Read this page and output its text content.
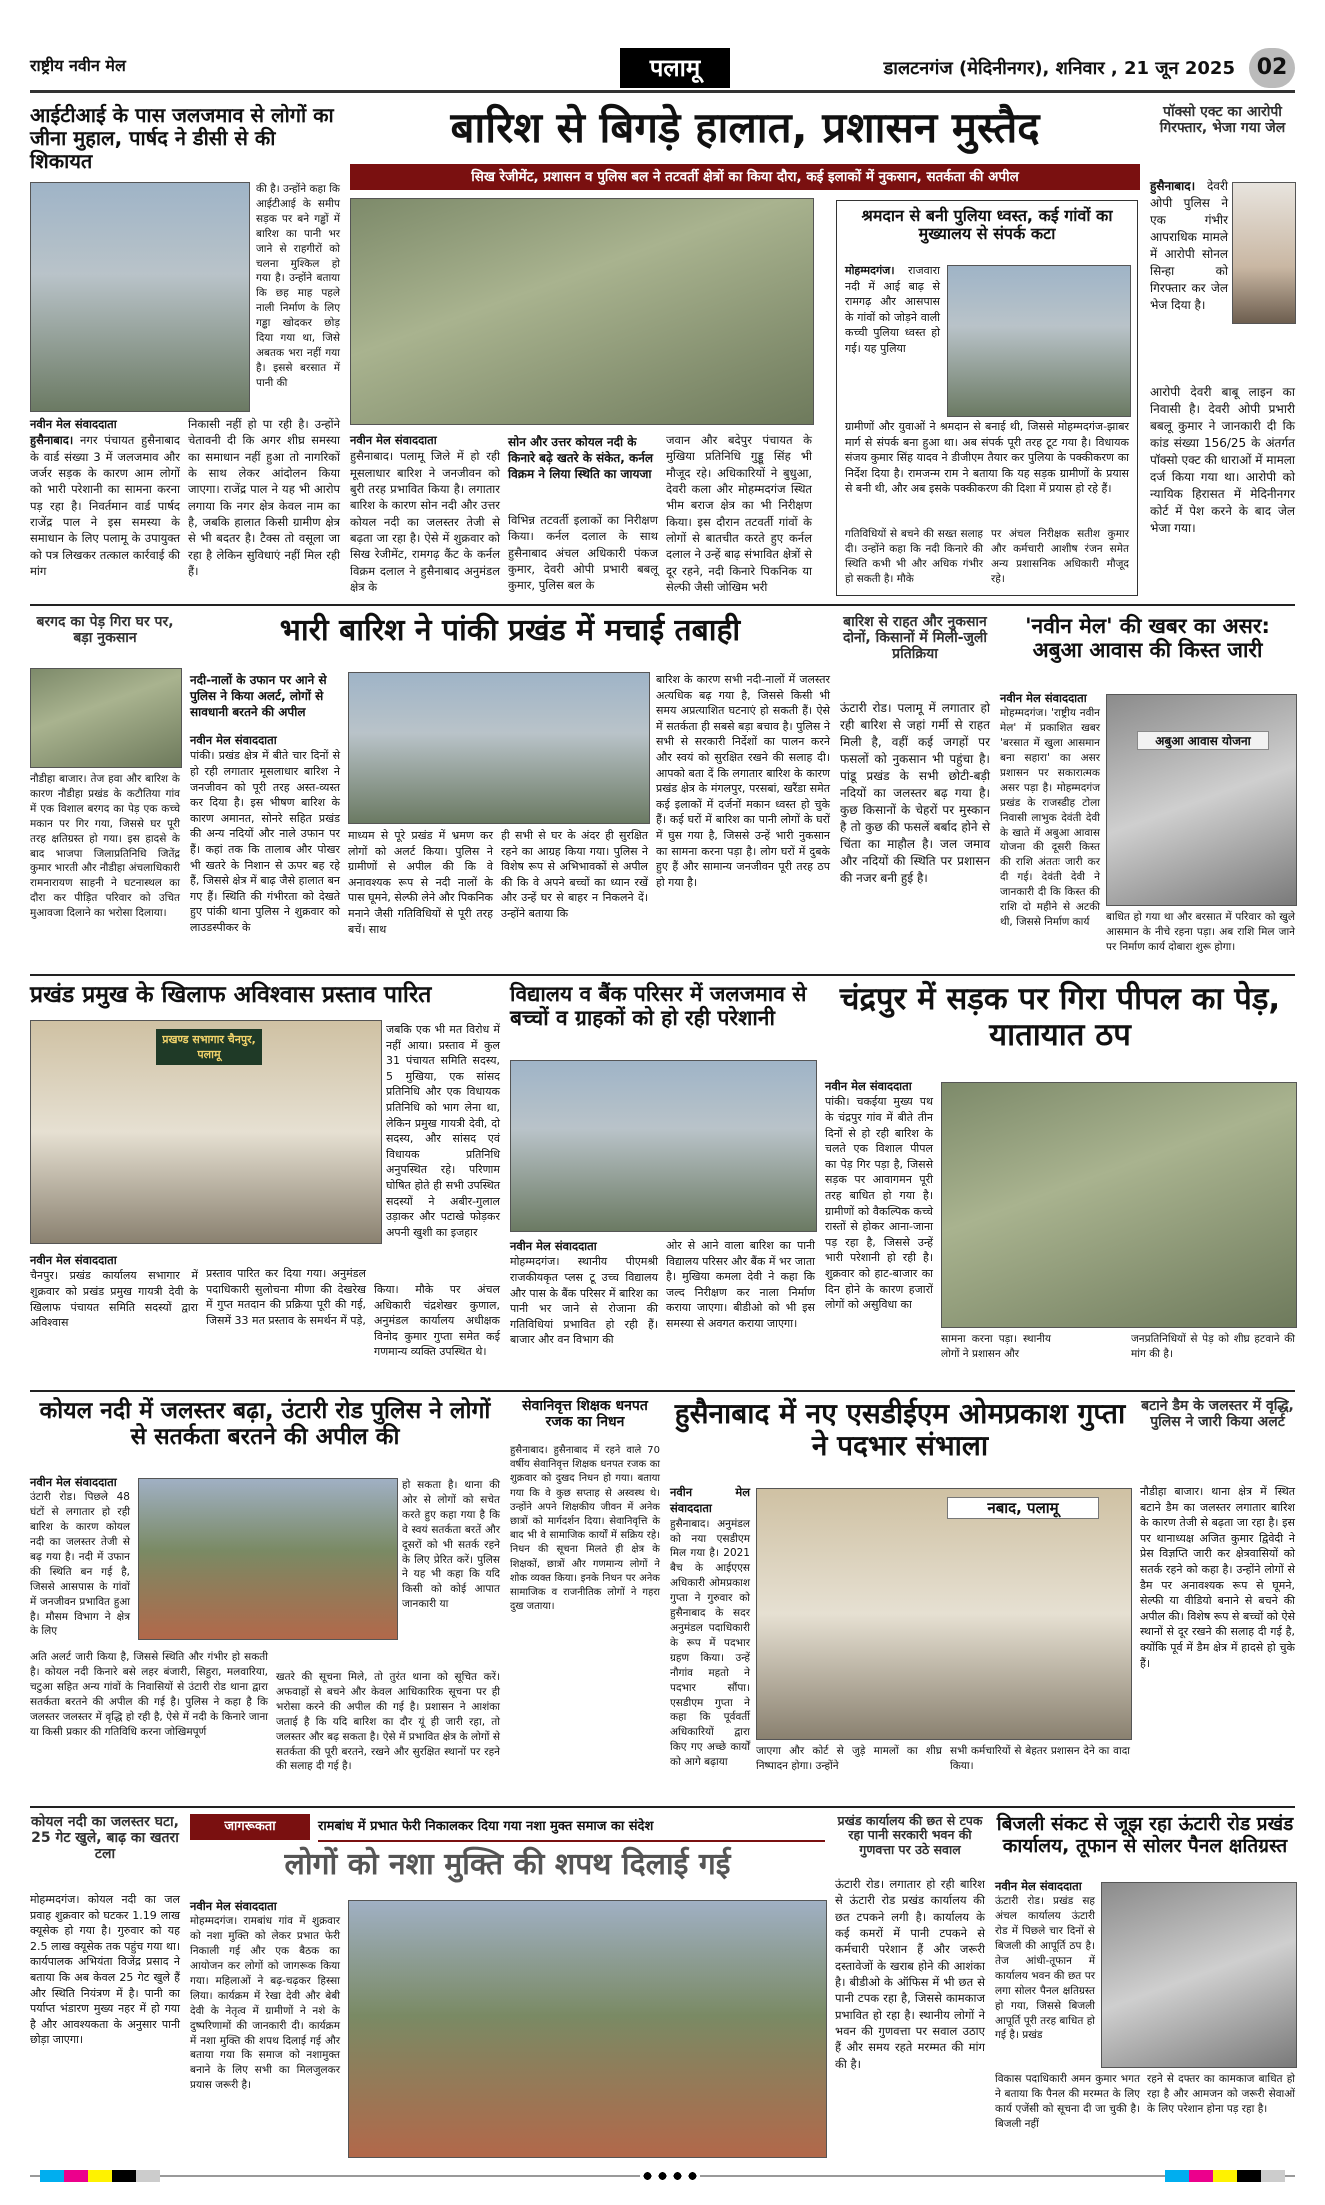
राष्ट्रीय नवीन मेल	पलामू	डालटनगंज (मेदिनीनगर), शनिवार , 21 जून 2025 02
आईटीआई के पास जलजमाव से लोगों का जीना मुहाल, पार्षद ने डीसी से की शिकायत
की है। उन्होंने कहा कि आईटीआई के समीप सड़क पर बने गड्ढों में बारिश का पानी भर जाने से राहगीरों को चलना मुश्किल हो गया है। उन्होंने बताया कि छह माह पहले नाली निर्माण के लिए गड्ढा खोदकर छोड़ दिया गया था, जिसे अबतक भरा नहीं गया है। इससे बरसात में पानी की
नवीन मेल संवाददाता
हुसैनाबाद। नगर पंचायत हुसैनाबाद के वार्ड संख्या 3 में जलजमाव और जर्जर सड़क के कारण आम लोगों को भारी परेशानी का सामना करना पड़ रहा है। निवर्तमान वार्ड पार्षद राजेंद्र पाल ने इस समस्या के समाधान के लिए पलामू के उपायुक्त को पत्र लिखकर तत्काल कार्रवाई की मांग
निकासी नहीं हो पा रही है। उन्होंने चेतावनी दी कि अगर शीघ्र समस्या का समाधान नहीं हुआ तो नागरिकों के साथ लेकर आंदोलन किया जाएगा। राजेंद्र पाल ने यह भी आरोप लगाया कि नगर क्षेत्र केवल नाम का है, जबकि हालात किसी ग्रामीण क्षेत्र से भी बदतर है। टैक्स तो वसूला जा रहा है लेकिन सुविधाएं नहीं मिल रही हैं।
बारिश से बिगड़े हालात, प्रशासन मुस्तैद
सिख रेजीमेंट, प्रशासन व पुलिस बल ने तटवर्ती क्षेत्रों का किया दौरा, कई इलाकों में नुकसान, सतर्कता की अपील
नवीन मेल संवाददाता
हुसैनाबाद। पलामू जिले में हो रही मूसलाधार बारिश ने जनजीवन को बुरी तरह प्रभावित किया है। लगातार बारिश के कारण सोन नदी और उत्तर कोयल नदी का जलस्तर तेजी से बढ़ता जा रहा है। ऐसे में शुक्रवार को सिख रेजीमेंट, रामगढ़ कैंट के कर्नल विक्रम दलाल ने हुसैनाबाद अनुमंडल क्षेत्र के
सोन और उत्तर कोयल नदी के किनारे बढ़े खतरे के संकेत, कर्नल विक्रम ने लिया स्थिति का जायजा
विभिन्न तटवर्ती इलाकों का निरीक्षण किया। कर्नल दलाल के साथ हुसैनाबाद अंचल अधिकारी पंकज कुमार, देवरी ओपी प्रभारी बबलू कुमार, पुलिस बल के
जवान और बदेपुर पंचायत के मुखिया प्रतिनिधि गुड्डू सिंह भी मौजूद रहे। अधिकारियों ने बुधुआ, देवरी कला और मोहम्मदगंज स्थित भीम बराज क्षेत्र का भी निरीक्षण किया। इस दौरान तटवर्ती गांवों के लोगों से बातचीत करते हुए कर्नल दलाल ने उन्हें बाढ़ संभावित क्षेत्रों से दूर रहने, नदी किनारे पिकनिक या सेल्फी जैसी जोखिम भरी
श्रमदान से बनी पुलिया ध्वस्त, कई गांवों का मुख्यालय से संपर्क कटा
मोहम्मदगंज। राजवारा नदी में आई बाढ़ से रामगढ़ और आसपास के गांवों को जोड़ने वाली कच्ची पुलिया ध्वस्त हो गई। यह पुलिया
ग्रामीणों और युवाओं ने श्रमदान से बनाई थी, जिससे मोहम्मदगंज-झाबर मार्ग से संपर्क बना हुआ था। अब संपर्क पूरी तरह टूट गया है। विधायक संजय कुमार सिंह यादव ने डीजीएम तैयार कर पुलिया के पक्कीकरण का निर्देश दिया है। रामजन्म राम ने बताया कि यह सड़क ग्रामीणों के प्रयास से बनी थी, और अब इसके पक्कीकरण की दिशा में प्रयास हो रहे हैं।
गतिविधियों से बचने की सख्त सलाह दी। उन्होंने कहा कि नदी किनारे की स्थिति कभी भी और अधिक गंभीर हो सकती है। मौके
पर अंचल निरीक्षक सतीश कुमार और कर्मचारी आशीष रंजन समेत अन्य प्रशासनिक अधिकारी मौजूद रहे।
पॉक्सो एक्ट का आरोपी गिरफ्तार, भेजा गया जेल
हुसैनाबाद। देवरी ओपी पुलिस ने एक गंभीर आपराधिक मामले में आरोपी सोनल सिन्हा को गिरफ्तार कर जेल भेज दिया है।
आरोपी देवरी बाबू लाइन का निवासी है। देवरी ओपी प्रभारी बबलू कुमार ने जानकारी दी कि कांड संख्या 156/25 के अंतर्गत पॉक्सो एक्ट की धाराओं में मामला दर्ज किया गया था। आरोपी को न्यायिक हिरासत में मेदिनीनगर कोर्ट में पेश करने के बाद जेल भेजा गया।
बरगद का पेड़ गिरा घर पर, बड़ा नुकसान
नौडीहा बाजार। तेज हवा और बारिश के कारण नौडीहा प्रखंड के कटौतिया गांव में एक विशाल बरगद का पेड़ एक कच्चे मकान पर गिर गया, जिससे घर पूरी तरह क्षतिग्रस्त हो गया। इस हादसे के बाद भाजपा जिलाप्रतिनिधि जितेंद्र कुमार भारती और नौडीहा अंचलाधिकारी रामनारायण साहनी ने घटनास्थल का दौरा कर पीड़ित परिवार को उचित मुआवजा दिलाने का भरोसा दिलाया।
भारी बारिश ने पांकी प्रखंड में मचाई तबाही
नदी-नालों के उफान पर आने से पुलिस ने किया अलर्ट, लोगों से सावधानी बरतने की अपील
नवीन मेल संवाददाता
पांकी। प्रखंड क्षेत्र में बीते चार दिनों से हो रही लगातार मूसलाधार बारिश ने जनजीवन को पूरी तरह अस्त-व्यस्त कर दिया है। इस भीषण बारिश के कारण अमानत, सोनरे सहित प्रखंड की अन्य नदियों और नाले उफान पर हैं। कहां तक कि तालाब और पोखर भी खतरे के निशान से ऊपर बह रहे हैं, जिससे क्षेत्र में बाढ़ जैसे हालात बन गए हैं। स्थिति की गंभीरता को देखते हुए पांकी थाना पुलिस ने शुक्रवार को लाउडस्पीकर के
माध्यम से पूरे प्रखंड में भ्रमण कर लोगों को अलर्ट किया। पुलिस ने ग्रामीणों से अपील की कि वे अनावश्यक रूप से नदी नालों के पास घूमने, सेल्फी लेने और पिकनिक मनाने जैसी गतिविधियों से पूरी तरह बचें। साथ
ही सभी से घर के अंदर ही सुरक्षित रहने का आग्रह किया गया। पुलिस ने विशेष रूप से अभिभावकों से अपील की कि वे अपने बच्चों का ध्यान रखें और उन्हें घर से बाहर न निकलने दें। उन्होंने बताया कि
बारिश के कारण सभी नदी-नालों में जलस्तर अत्यधिक बढ़ गया है, जिससे किसी भी समय अप्रत्याशित घटनाएं हो सकती हैं। ऐसे में सतर्कता ही सबसे बड़ा बचाव है। पुलिस ने सभी से सरकारी निर्देशों का पालन करने और स्वयं को सुरक्षित रखने की सलाह दी। आपको बता दें कि लगातार बारिश के कारण प्रखंड क्षेत्र के मंगलपुर, परसबां, खरैंडा समेत कई इलाकों में दर्जनों मकान ध्वस्त हो चुके हैं। कई घरों में बारिश का पानी लोगों के घरों में घुस गया है, जिससे उन्हें भारी नुकसान का सामना करना पड़ा है। लोग घरों में दुबके हुए हैं और सामान्य जनजीवन पूरी तरह ठप हो गया है।
बारिश से राहत और नुकसान दोनों, किसानों में मिली-जुली प्रतिक्रिया
ऊंटारी रोड। पलामू में लगातार हो रही बारिश से जहां गर्मी से राहत मिली है, वहीं कई जगहों पर फसलों को नुकसान भी पहुंचा है। पांडू प्रखंड के सभी छोटी-बड़ी नदियों का जलस्तर बढ़ गया है। कुछ किसानों के चेहरों पर मुस्कान है तो कुछ की फसलें बर्बाद होने से चिंता का माहौल है। जल जमाव और नदियों की स्थिति पर प्रशासन की नजर बनी हुई है।
'नवीन मेल' की खबर का असर: अबुआ आवास की किस्त जारी
नवीन मेल संवाददाता
मोहम्मदगंज। 'राष्ट्रीय नवीन मेल' में प्रकाशित खबर 'बरसात में खुला आसमान बना सहारा' का असर प्रशासन पर सकारात्मक असर पड़ा है। मोहम्मदगंज प्रखंड के राजस्डीह टोला निवासी लाभुक देवंती देवी के खाते में अबुआ आवास योजना की दूसरी किस्त की राशि अंततः जारी कर दी गई। देवंती देवी ने जानकारी दी कि किस्त की राशि दो महीने से अटकी थी, जिससे निर्माण कार्य
अबुआ आवास योजना
बाधित हो गया था और बरसात में परिवार को खुले आसमान के नीचे रहना पड़ा। अब राशि मिल जाने पर निर्माण कार्य दोबारा शुरू होगा।
प्रखंड प्रमुख के खिलाफ अविश्वास प्रस्ताव पारित
प्रखण्ड सभागार चैनपुर, पलामू
जबकि एक भी मत विरोध में नहीं आया। प्रस्ताव में कुल 31 पंचायत समिति सदस्य, 5 मुखिया, एक सांसद प्रतिनिधि और एक विधायक प्रतिनिधि को भाग लेना था, लेकिन प्रमुख गायत्री देवी, दो सदस्य, और सांसद एवं विधायक प्रतिनिधि अनुपस्थित रहे। परिणाम घोषित होते ही सभी उपस्थित सदस्यों ने अबीर-गुलाल उड़ाकर और पटाखे फोड़कर अपनी खुशी का इजहार
नवीन मेल संवाददाता
चैनपुर। प्रखंड कार्यालय सभागार में शुक्रवार को प्रखंड प्रमुख गायत्री देवी के खिलाफ पंचायत समिति सदस्यों द्वारा अविश्वास
प्रस्ताव पारित कर दिया गया। अनुमंडल पदाधिकारी सुलोचना मीणा की देखरेख में गुप्त मतदान की प्रक्रिया पूरी की गई, जिसमें 33 मत प्रस्ताव के समर्थन में पड़े,
किया। मौके पर अंचल अधिकारी चंद्रशेखर कुणाल, अनुमंडल कार्यालय अधीक्षक विनोद कुमार गुप्ता समेत कई गणमान्य व्यक्ति उपस्थित थे।
विद्यालय व बैंक परिसर में जलजमाव से बच्चों व ग्राहकों को हो रही परेशानी
नवीन मेल संवाददाता
मोहम्मदगंज। स्थानीय पीएमश्री राजकीयकृत प्लस टू उच्च विद्यालय और पास के बैंक परिसर में बारिश का पानी भर जाने से रोजाना की गतिविधियां प्रभावित हो रही हैं। बाजार और वन विभाग की
ओर से आने वाला बारिश का पानी विद्यालय परिसर और बैंक में भर जाता है। मुखिया कमला देवी ने कहा कि जल्द निरीक्षण कर नाला निर्माण कराया जाएगा। बीडीओ को भी इस समस्या से अवगत कराया जाएगा।
चंद्रपुर में सड़क पर गिरा पीपल का पेड़, यातायात ठप
नवीन मेल संवाददाता
पांकी। चकईया मुख्य पथ के चंद्रपुर गांव में बीते तीन दिनों से हो रही बारिश के चलते एक विशाल पीपल का पेड़ गिर पड़ा है, जिससे सड़क पर आवागमन पूरी तरह बाधित हो गया है। ग्रामीणों को वैकल्पिक कच्चे रास्तों से होकर आना-जाना पड़ रहा है, जिससे उन्हें भारी परेशानी हो रही है। शुक्रवार को हाट-बाजार का दिन होने के कारण हजारों लोगों को असुविधा का
सामना करना पड़ा। स्थानीय लोगों ने प्रशासन और
जनप्रतिनिधियों से पेड़ को शीघ्र हटवाने की मांग की है।
कोयल नदी में जलस्तर बढ़ा, उंटारी रोड पुलिस ने लोगों से सतर्कता बरतने की अपील की
नवीन मेल संवाददाता
उंटारी रोड। पिछले 48 घंटों से लगातार हो रही बारिश के कारण कोयल नदी का जलस्तर तेजी से बढ़ गया है। नदी में उफान की स्थिति बन गई है, जिससे आसपास के गांवों में जनजीवन प्रभावित हुआ है। मौसम विभाग ने क्षेत्र के लिए
हो सकता है। थाना की ओर से लोगों को सचेत करते हुए कहा गया है कि वे स्वयं सतर्कता बरतें और दूसरों को भी सतर्क रहने के लिए प्रेरित करें। पुलिस ने यह भी कहा कि यदि किसी को कोई आपात जानकारी या
अति अलर्ट जारी किया है, जिससे स्थिति और गंभीर हो सकती है। कोयल नदी किनारे बसे लहर बंजारी, सिहुरा, मलवारिया, चटुआ सहित अन्य गांवों के निवासियों से उंटारी रोड थाना द्वारा सतर्कता बरतने की अपील की गई है। पुलिस ने कहा है कि जलस्तर जलस्तर में वृद्धि हो रही है, ऐसे में नदी के किनारे जाना या किसी प्रकार की गतिविधि करना जोखिमपूर्ण
खतरे की सूचना मिले, तो तुरंत थाना को सूचित करें। अफवाहों से बचने और केवल आधिकारिक सूचना पर ही भरोसा करने की अपील की गई है। प्रशासन ने आशंका जताई है कि यदि बारिश का दौर यूं ही जारी रहा, तो जलस्तर और बढ़ सकता है। ऐसे में प्रभावित क्षेत्र के लोगों से सतर्कता की पूरी बरतने, रखने और सुरक्षित स्थानों पर रहने की सलाह दी गई है।
सेवानिवृत्त शिक्षक धनपत रजक का निधन
हुसैनाबाद। हुसैनाबाद में रहने वाले 70 वर्षीय सेवानिवृत्त शिक्षक धनपत रजक का शुक्रवार को दुखद निधन हो गया। बताया गया कि वे कुछ सप्ताह से अस्वस्थ थे। उन्होंने अपने शिक्षकीय जीवन में अनेक छात्रों को मार्गदर्शन दिया। सेवानिवृत्ति के बाद भी वे सामाजिक कार्यों में सक्रिय रहे। निधन की सूचना मिलते ही क्षेत्र के शिक्षकों, छात्रों और गणमान्य लोगों ने शोक व्यक्त किया। इनके निधन पर अनेक सामाजिक व राजनीतिक लोगों ने गहरा दुख जताया।
हुसैनाबाद में नए एसडीईएम ओमप्रकाश गुप्ता ने पदभार संभाला
नवीन मेल संवाददाता
हुसैनाबाद। अनुमंडल को नया एसडीएम मिल गया है। 2021 बैच के आईएएस अधिकारी ओमप्रकाश गुप्ता ने गुरुवार को हुसैनाबाद के सदर अनुमंडल पदाधिकारी के रूप में पदभार ग्रहण किया। उन्हें नौगांव महतो ने पदभार सौंपा। एसडीएम गुप्ता ने कहा कि पूर्ववर्ती अधिकारियों द्वारा किए गए अच्छे कार्यों को आगे बढ़ाया
नबाद, पलामू
जाएगा और कोर्ट से जुड़े मामलों का शीघ्र निष्पादन होगा। उन्होंने
सभी कर्मचारियों से बेहतर प्रशासन देने का वादा किया।
बटाने डैम के जलस्तर में वृद्धि, पुलिस ने जारी किया अलर्ट
नौडीहा बाजार। थाना क्षेत्र में स्थित बटाने डैम का जलस्तर लगातार बारिश के कारण तेजी से बढ़ता जा रहा है। इस पर थानाध्यक्ष अजित कुमार द्विवेदी ने प्रेस विज्ञप्ति जारी कर क्षेत्रवासियों को सतर्क रहने को कहा है। उन्होंने लोगों से डैम पर अनावश्यक रूप से घूमने, सेल्फी या वीडियो बनाने से बचने की अपील की। विशेष रूप से बच्चों को ऐसे स्थानों से दूर रखने की सलाह दी गई है, क्योंकि पूर्व में डैम क्षेत्र में हादसे हो चुके हैं।
कोयल नदी का जलस्तर घटा, 25 गेट खुले, बाढ़ का खतरा टला
मोहम्मदगंज। कोयल नदी का जल प्रवाह शुक्रवार को घटकर 1.19 लाख क्यूसेक हो गया है। गुरुवार को यह 2.5 लाख क्यूसेक तक पहुंच गया था। कार्यपालक अभियंता विजेंद्र प्रसाद ने बताया कि अब केवल 25 गेट खुले हैं और स्थिति नियंत्रण में है। पानी का पर्याप्त भंडारण मुख्य नहर में हो गया है और आवश्यकता के अनुसार पानी छोड़ा जाएगा।
जागरूकता	रामबांध में प्रभात फेरी निकालकर दिया गया नशा मुक्त समाज का संदेश
लोगों को नशा मुक्ति की शपथ दिलाई गई
नवीन मेल संवाददाता
मोहम्मदगंज। रामबांध गांव में शुक्रवार को नशा मुक्ति को लेकर प्रभात फेरी निकाली गई और एक बैठक का आयोजन कर लोगों को जागरूक किया गया। महिलाओं ने बढ़-चढ़कर हिस्सा लिया। कार्यक्रम में रेखा देवी और बेबी देवी के नेतृत्व में ग्रामीणों ने नशे के दुष्परिणामों की जानकारी दी। कार्यक्रम में नशा मुक्ति की शपथ दिलाई गई और बताया गया कि समाज को नशामुक्त बनाने के लिए सभी का मिलजुलकर प्रयास जरूरी है।
प्रखंड कार्यालय की छत से टपक रहा पानी सरकारी भवन की गुणवत्ता पर उठे सवाल
ऊंटारी रोड। लगातार हो रही बारिश से ऊंटारी रोड प्रखंड कार्यालय की छत टपकने लगी है। कार्यालय के कई कमरों में पानी टपकने से कर्मचारी परेशान हैं और जरूरी दस्तावेजों के खराब होने की आशंका है। बीडीओ के ऑफिस में भी छत से पानी टपक रहा है, जिससे कामकाज प्रभावित हो रहा है। स्थानीय लोगों ने भवन की गुणवत्ता पर सवाल उठाए हैं और समय रहते मरम्मत की मांग की है।
बिजली संकट से जूझ रहा ऊंटारी रोड प्रखंड कार्यालय, तूफान से सोलर पैनल क्षतिग्रस्त
नवीन मेल संवाददाता
ऊंटारी रोड। प्रखंड सह अंचल कार्यालय ऊंटारी रोड में पिछले चार दिनों से बिजली की आपूर्ति ठप है। तेज आंधी-तूफान में कार्यालय भवन की छत पर लगा सोलर पैनल क्षतिग्रस्त हो गया, जिससे बिजली आपूर्ति पूरी तरह बाधित हो गई है। प्रखंड
विकास पदाधिकारी अमन कुमार भगत ने बताया कि पैनल की मरम्मत के लिए कार्य एजेंसी को सूचना दी जा चुकी है। बिजली नहीं
रहने से दफ्तर का कामकाज बाधित हो रहा है और आमजन को जरूरी सेवाओं के लिए परेशान होना पड़ रहा है।
